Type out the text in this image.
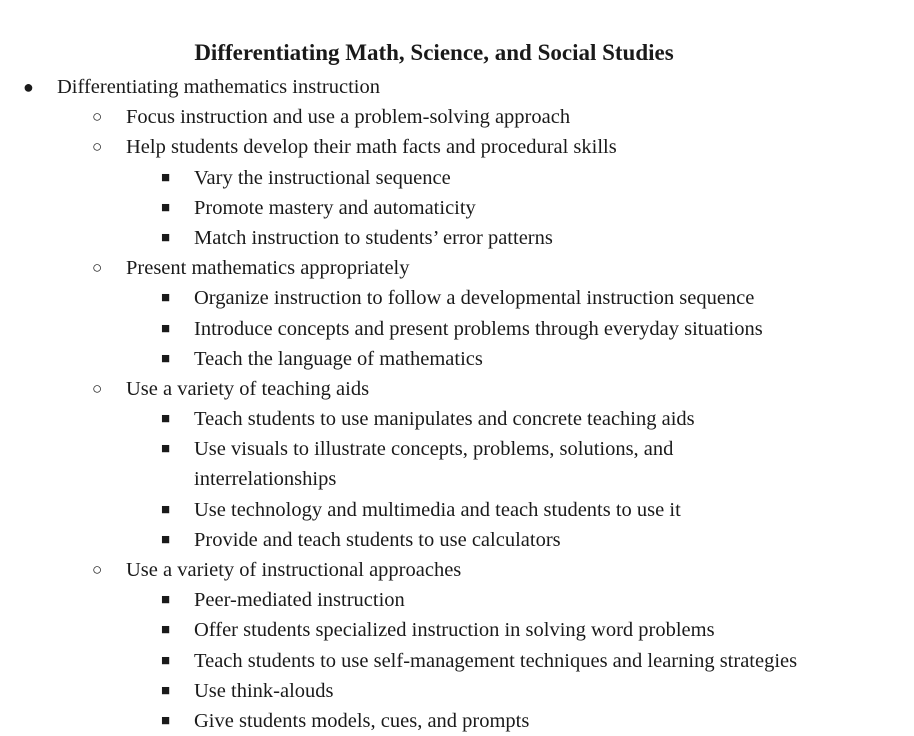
Differentiating Math, Science, and Social Studies
● Differentiating mathematics instruction
○ Focus instruction and use a problem-solving approach
○ Help students develop their math facts and procedural skills
■ Vary the instructional sequence
■ Promote mastery and automaticity
■ Match instruction to students’ error patterns
○ Present mathematics appropriately
■ Organize instruction to follow a developmental instruction sequence
■ Introduce concepts and present problems through everyday situations
■ Teach the language of mathematics
○ Use a variety of teaching aids
■ Teach students to use manipulates and concrete teaching aids
■ Use visuals to illustrate concepts, problems, solutions, and interrelationships
■ Use technology and multimedia and teach students to use it
■ Provide and teach students to use calculators
○ Use a variety of instructional approaches
■ Peer-mediated instruction
■ Offer students specialized instruction in solving word problems
■ Teach students to use self-management techniques and learning strategies
■ Use think-alouds
■ Give students models, cues, and prompts
